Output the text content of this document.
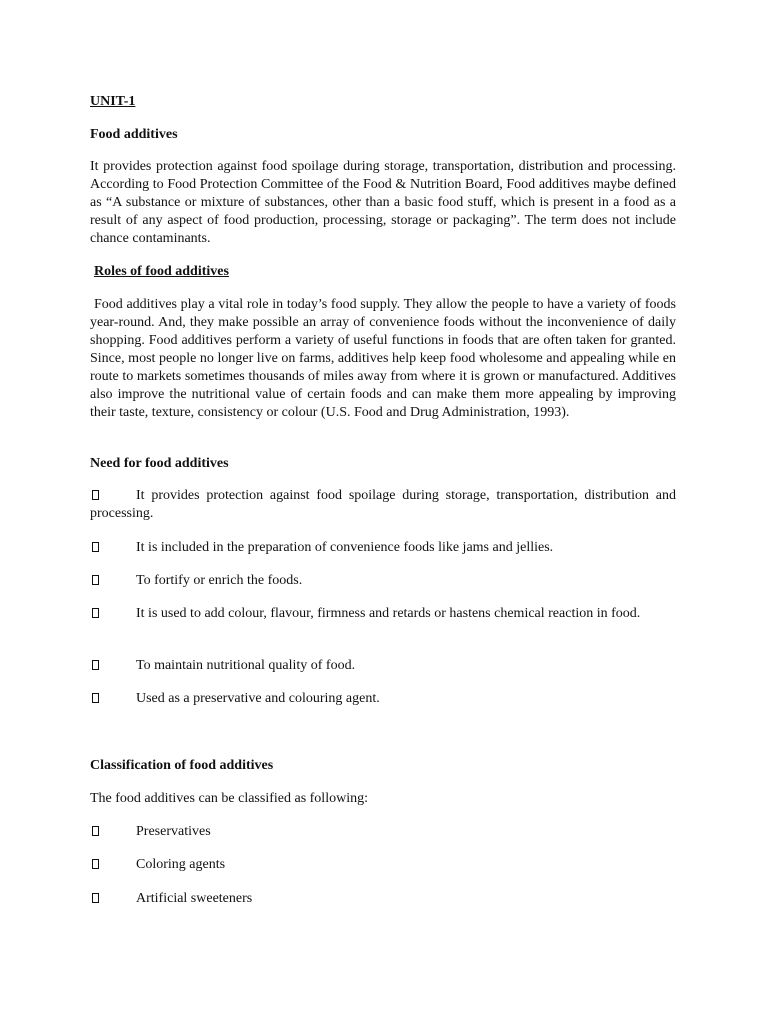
UNIT-1

Food additives

It provides protection against food spoilage during storage, transportation, distribution and processing. According to Food Protection Committee of the Food & Nutrition Board, Food additives maybe defined as “A substance or mixture of substances, other than a basic food stuff, which is present in a food as a result of any aspect of food production, processing, storage or packaging”. The term does not include chance contaminants.

Roles of food additives

Food additives play a vital role in today’s food supply. They allow the people to have a variety of foods year-round. And, they make possible an array of convenience foods without the inconvenience of daily shopping. Food additives perform a variety of useful functions in foods that are often taken for granted. Since, most people no longer live on farms, additives help keep food wholesome and appealing while en route to markets sometimes thousands of miles away from where it is grown or manufactured. Additives also improve the nutritional value of certain foods and can make them more appealing by improving their taste, texture, consistency or colour (U.S. Food and Drug Administration, 1993).

Need for food additives

It provides protection against food spoilage during storage, transportation, distribution and processing.
It is included in the preparation of convenience foods like jams and jellies.
To fortify or enrich the foods.
It is used to add colour, flavour, firmness and retards or hastens chemical reaction in food.
To maintain nutritional quality of food.
Used as a preservative and colouring agent.

Classification of food additives

The food additives can be classified as following:

Preservatives
Coloring agents
Artificial sweeteners
